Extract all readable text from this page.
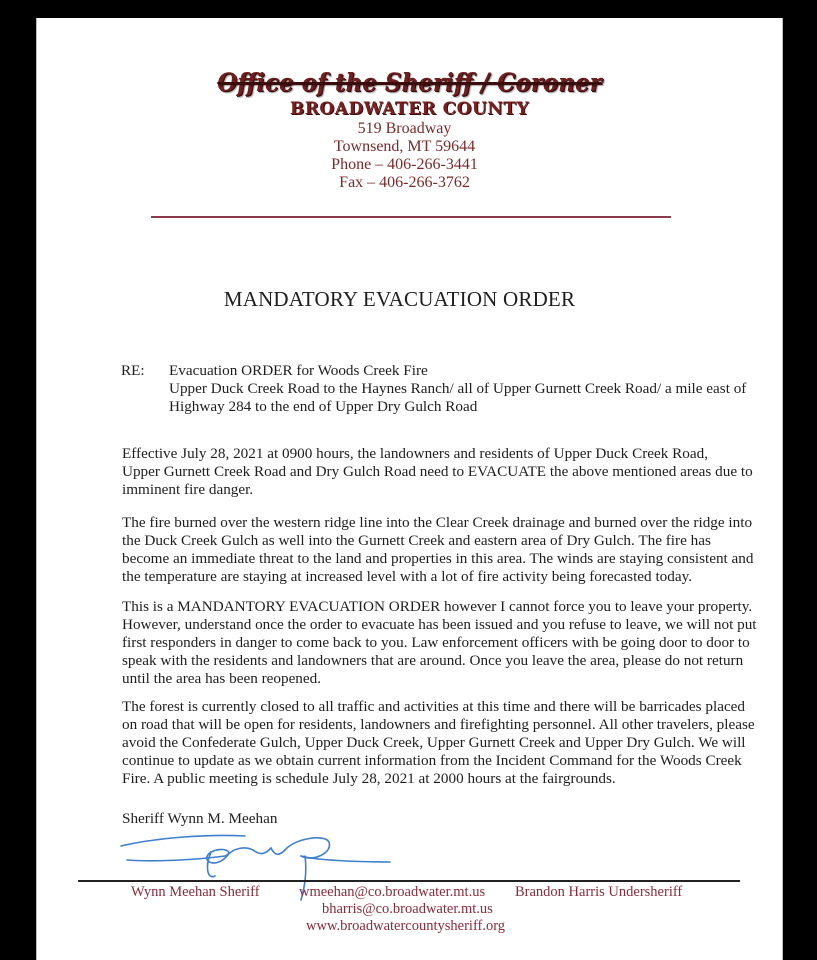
Office of the Sheriff / Coroner
BROADWATER COUNTY
519 Broadway
Townsend, MT 59644
Phone – 406-266-3441
Fax – 406-266-3762
MANDATORY EVACUATION ORDER
RE: Evacuation ORDER for Woods Creek Fire
Upper Duck Creek Road to the Haynes Ranch/ all of Upper Gurnett Creek Road/ a mile east of
Highway 284 to the end of Upper Dry Gulch Road
Effective July 28, 2021 at 0900 hours, the landowners and residents of Upper Duck Creek Road,
Upper Gurnett Creek Road and Dry Gulch Road need to EVACUATE the above mentioned areas due to
imminent fire danger.
The fire burned over the western ridge line into the Clear Creek drainage and burned over the ridge into
the Duck Creek Gulch as well into the Gurnett Creek and eastern area of Dry Gulch. The fire has
become an immediate threat to the land and properties in this area. The winds are staying consistent and
the temperature are staying at increased level with a lot of fire activity being forecasted today.
This is a MANDANTORY EVACUATION ORDER however I cannot force you to leave your property.
However, understand once the order to evacuate has been issued and you refuse to leave, we will not put
first responders in danger to come back to you. Law enforcement officers with be going door to door to
speak with the residents and landowners that are around. Once you leave the area, please do not return
until the area has been reopened.
The forest is currently closed to all traffic and activities at this time and there will be barricades placed
on road that will be open for residents, landowners and firefighting personnel. All other travelers, please
avoid the Confederate Gulch, Upper Duck Creek, Upper Gurnett Creek and Upper Dry Gulch. We will
continue to update as we obtain current information from the Incident Command for the Woods Creek
Fire. A public meeting is schedule July 28, 2021 at 2000 hours at the fairgrounds.
Sheriff Wynn M. Meehan
Wynn Meehan Sheriff	wmeehan@co.broadwater.mt.us Brandon Harris Undersheriff
bharris@co.broadwater.mt.us
www.broadwatercountysheriff.org
